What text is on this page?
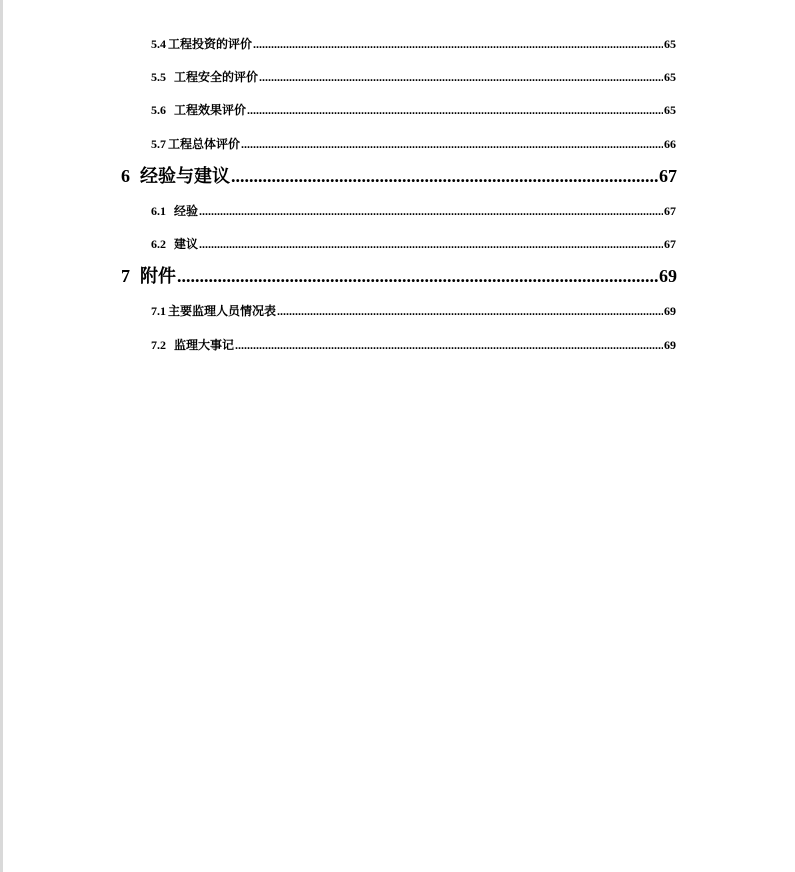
5.4 工程投资的评价 .....	65
5.5 工程安全的评价 .....	65
5.6 工程效果评价 .....	65
5.7 工程总体评价 .....	66
6 经验与建议 .....	67
6.1 经验 .....	67
6.2 建议 .....	67
7 附件 .....	69
7.1 主要监理人员情况表 .....	69
7.2 监理大事记 .....	69
